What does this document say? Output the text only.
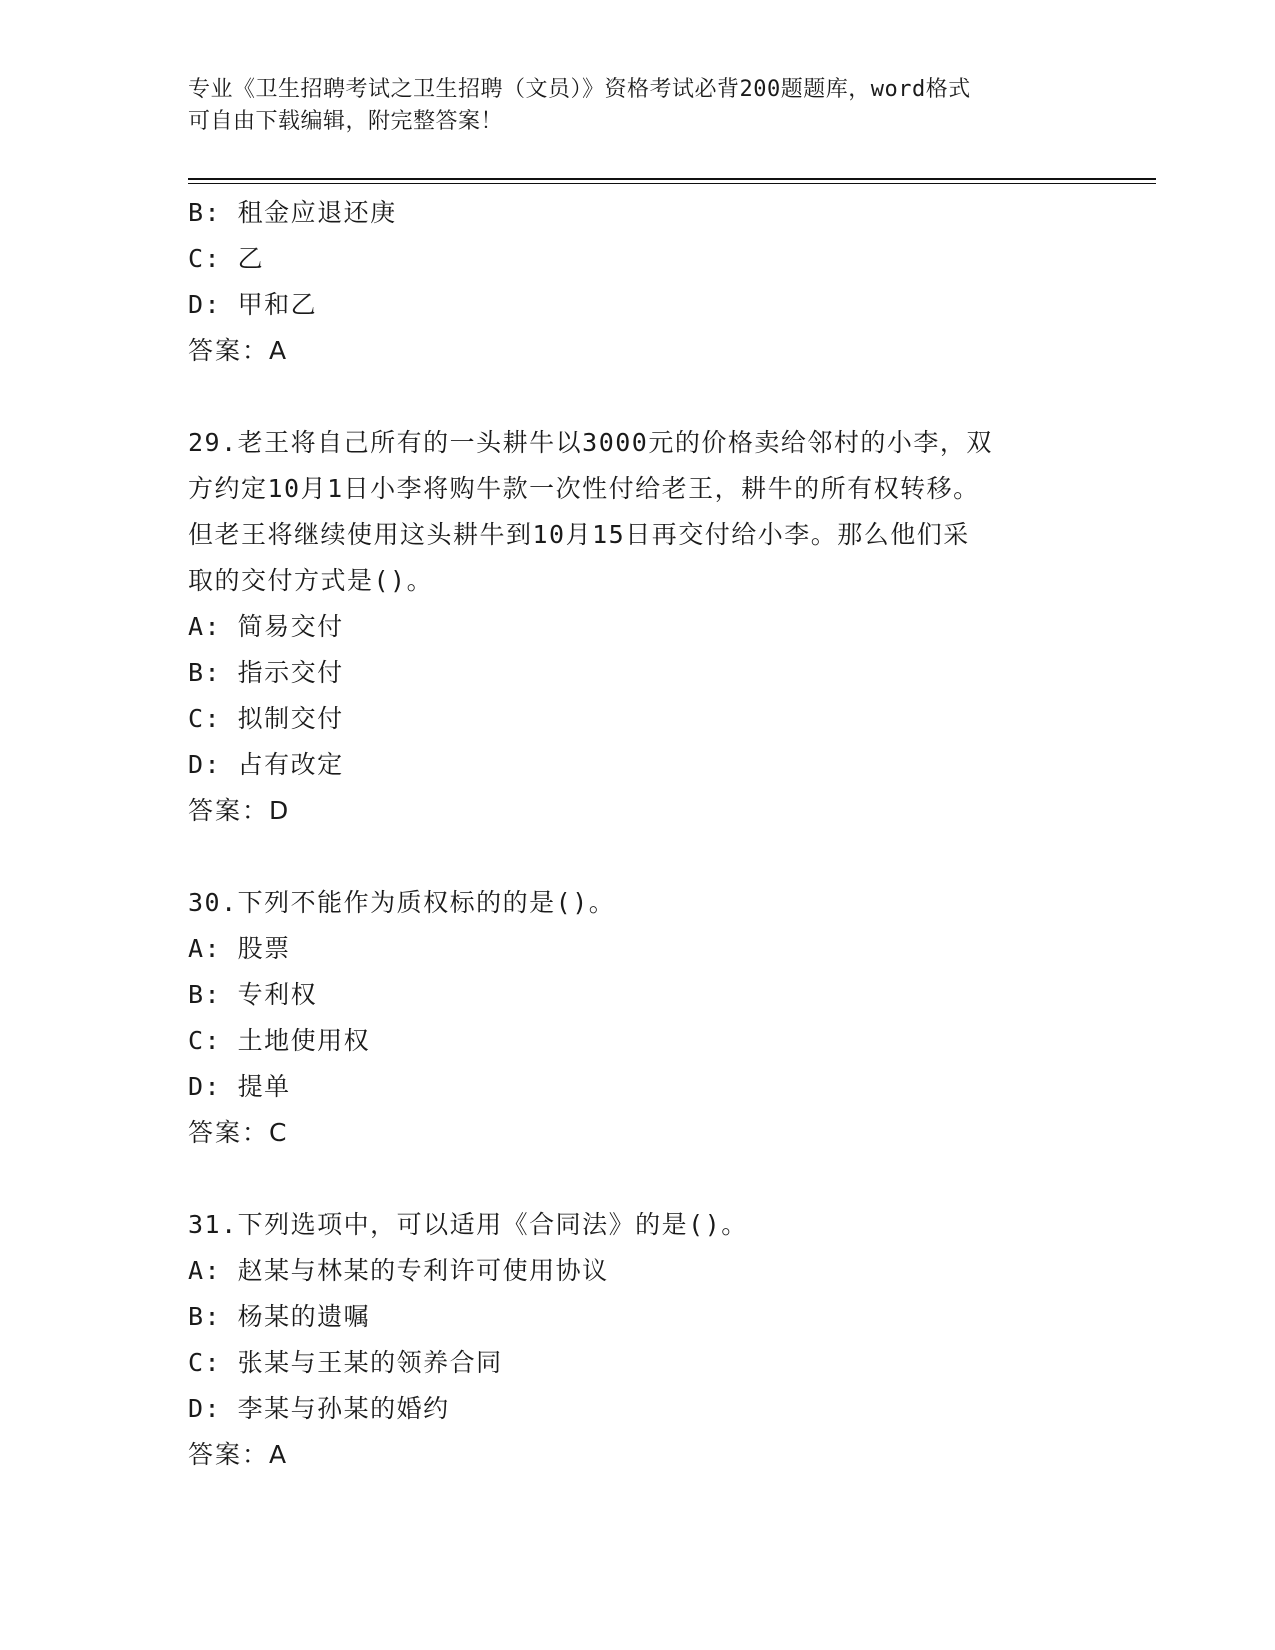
专业《卫生招聘考试之卫生招聘（文员）》资格考试必背200题题库，word格式
可自由下载编辑，附完整答案！
B: 租金应退还庚
C: 乙
D: 甲和乙
答案：A
29.老王将自己所有的一头耕牛以3000元的价格卖给邻村的小李，双
方约定10月1日小李将购牛款一次性付给老王，耕牛的所有权转移。
但老王将继续使用这头耕牛到10月15日再交付给小李。那么他们采
取的交付方式是()。
A: 简易交付
B: 指示交付
C: 拟制交付
D: 占有改定
答案：D
30.下列不能作为质权标的的是()。
A: 股票
B: 专利权
C: 土地使用权
D: 提单
答案：C
31.下列选项中，可以适用《合同法》的是()。
A: 赵某与林某的专利许可使用协议
B: 杨某的遗嘱
C: 张某与王某的领养合同
D: 李某与孙某的婚约
答案：A
